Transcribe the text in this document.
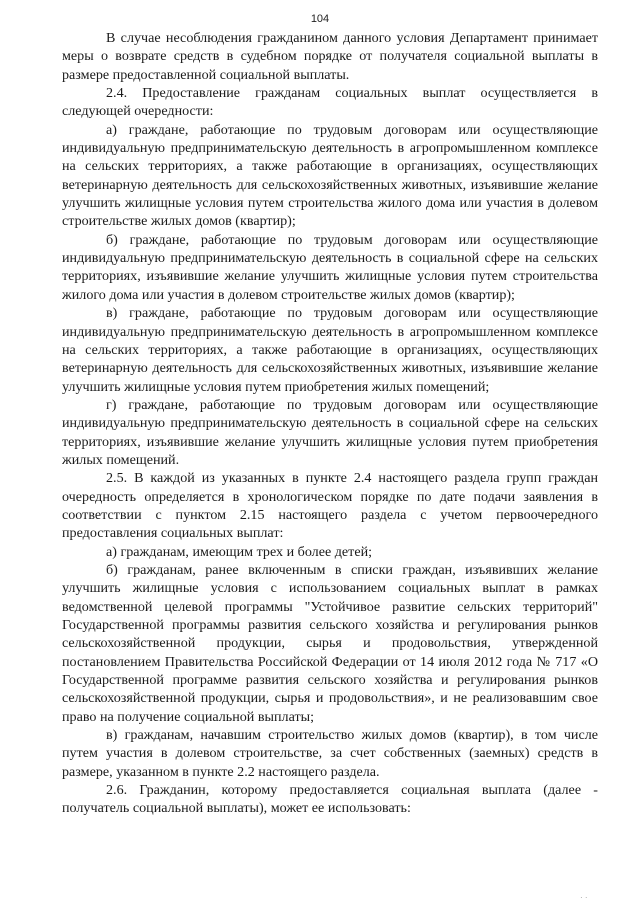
104

В случае несоблюдения гражданином данного условия Департамент принимает меры о возврате средств в судебном порядке от получателя социальной выплаты в размере предоставленной социальной выплаты.

2.4. Предоставление гражданам социальных выплат осуществляется в следующей очередности:

а) граждане, работающие по трудовым договорам или осуществляющие индивидуальную предпринимательскую деятельность в агропромышленном комплексе на сельских территориях, а также работающие в организациях, осуществляющих ветеринарную деятельность для сельскохозяйственных животных, изъявившие желание улучшить жилищные условия путем строительства жилого дома или участия в долевом строительстве жилых домов (квартир);

б) граждане, работающие по трудовым договорам или осуществляющие индивидуальную предпринимательскую деятельность в социальной сфере на сельских территориях, изъявившие желание улучшить жилищные условия путем строительства жилого дома или участия в долевом строительстве жилых домов (квартир);

в) граждане, работающие по трудовым договорам или осуществляющие индивидуальную предпринимательскую деятельность в агропромышленном комплексе на сельских территориях, а также работающие в организациях, осуществляющих ветеринарную деятельность для сельскохозяйственных животных, изъявившие желание улучшить жилищные условия путем приобретения жилых помещений;

г) граждане, работающие по трудовым договорам или осуществляющие индивидуальную предпринимательскую деятельность в социальной сфере на сельских территориях, изъявившие желание улучшить жилищные условия путем приобретения жилых помещений.

2.5. В каждой из указанных в пункте 2.4 настоящего раздела групп граждан очередность определяется в хронологическом порядке по дате подачи заявления в соответствии с пунктом 2.15 настоящего раздела с учетом первоочередного предоставления социальных выплат:

а) гражданам, имеющим трех и более детей;

б) гражданам, ранее включенным в списки граждан, изъявивших желание улучшить жилищные условия с использованием социальных выплат в рамках ведомственной целевой программы "Устойчивое развитие сельских территорий" Государственной программы развития сельского хозяйства и регулирования рынков сельскохозяйственной продукции, сырья и продовольствия, утвержденной постановлением Правительства Российской Федерации от 14 июля 2012 года № 717 «О Государственной программе развития сельского хозяйства и регулирования рынков сельскохозяйственной продукции, сырья и продовольствия», и не реализовавшим свое право на получение социальной выплаты;

в) гражданам, начавшим строительство жилых домов (квартир), в том числе путем участия в долевом строительстве, за счет собственных (заемных) средств в размере, указанном в пункте 2.2 настоящего раздела.

2.6. Гражданин, которому предоставляется социальная выплата (далее - получатель социальной выплаты), может ее использовать:

· ·
